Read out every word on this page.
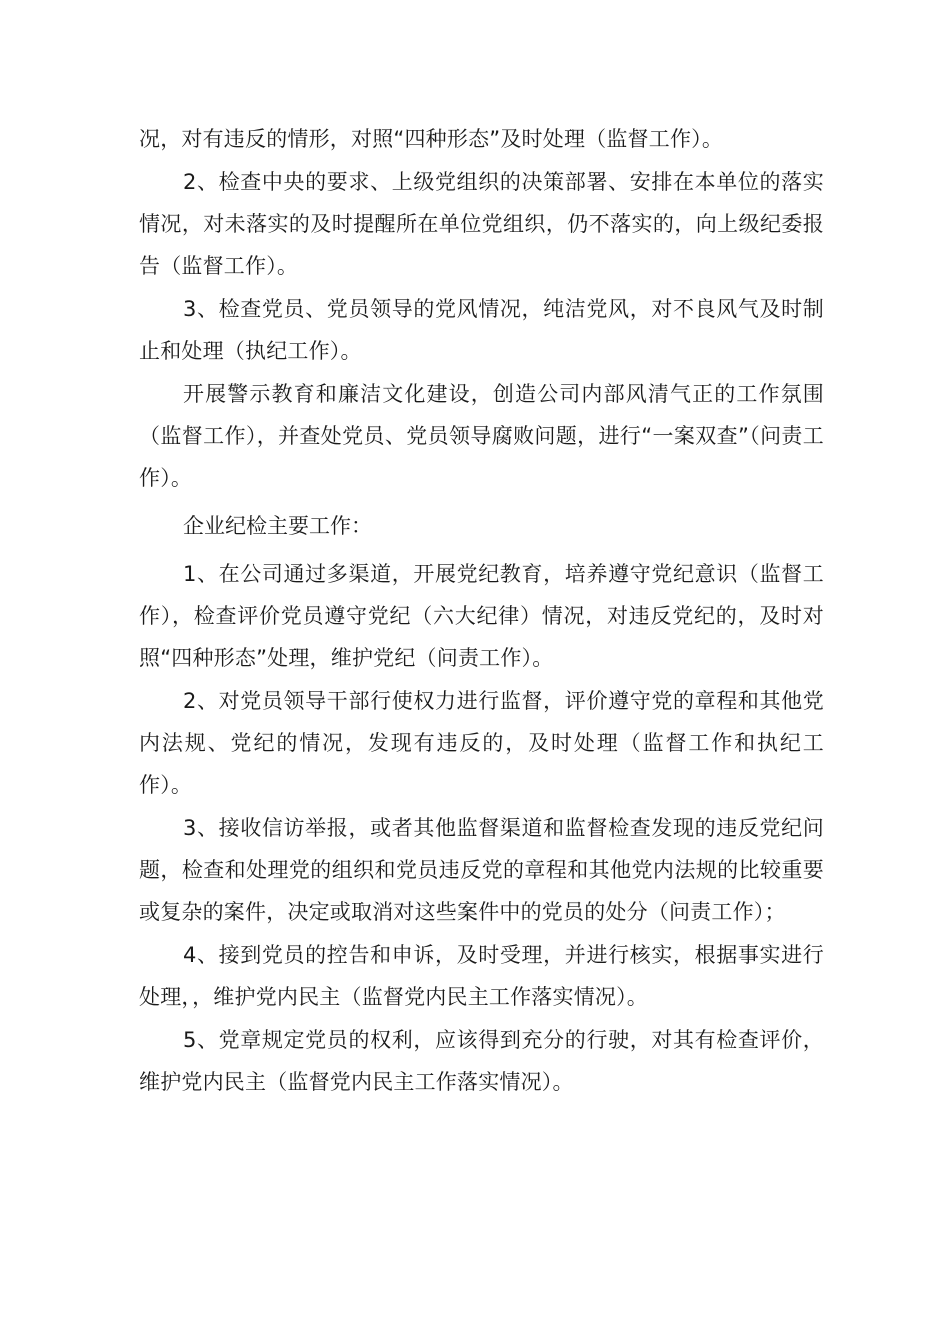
况，对有违反的情形，对照“四种形态”及时处理（监督工作）。

2、检查中央的要求、上级党组织的决策部署、安排在本单位的落实情况，对未落实的及时提醒所在单位党组织，仍不落实的，向上级纪委报告（监督工作）。

3、检查党员、党员领导的党风情况，纯洁党风，对不良风气及时制止和处理（执纪工作）。

开展警示教育和廉洁文化建设，创造公司内部风清气正的工作氛围（监督工作），并查处党员、党员领导腐败问题，进行“一案双查”（问责工作）。

企业纪检主要工作：

1、在公司通过多渠道，开展党纪教育，培养遵守党纪意识（监督工作），检查评价党员遵守党纪（六大纪律）情况，对违反党纪的，及时对照“四种形态”处理，维护党纪（问责工作）。

2、对党员领导干部行使权力进行监督，评价遵守党的章程和其他党内法规、党纪的情况，发现有违反的，及时处理（监督工作和执纪工作）。

3、接收信访举报，或者其他监督渠道和监督检查发现的违反党纪问题，检查和处理党的组织和党员违反党的章程和其他党内法规的比较重要或复杂的案件，决定或取消对这些案件中的党员的处分（问责工作）；

4、接到党员的控告和申诉，及时受理，并进行核实，根据事实进行处理，，维护党内民主（监督党内民主工作落实情况）。

5、党章规定党员的权利，应该得到充分的行驶，对其有检查评价，维护党内民主（监督党内民主工作落实情况）。
